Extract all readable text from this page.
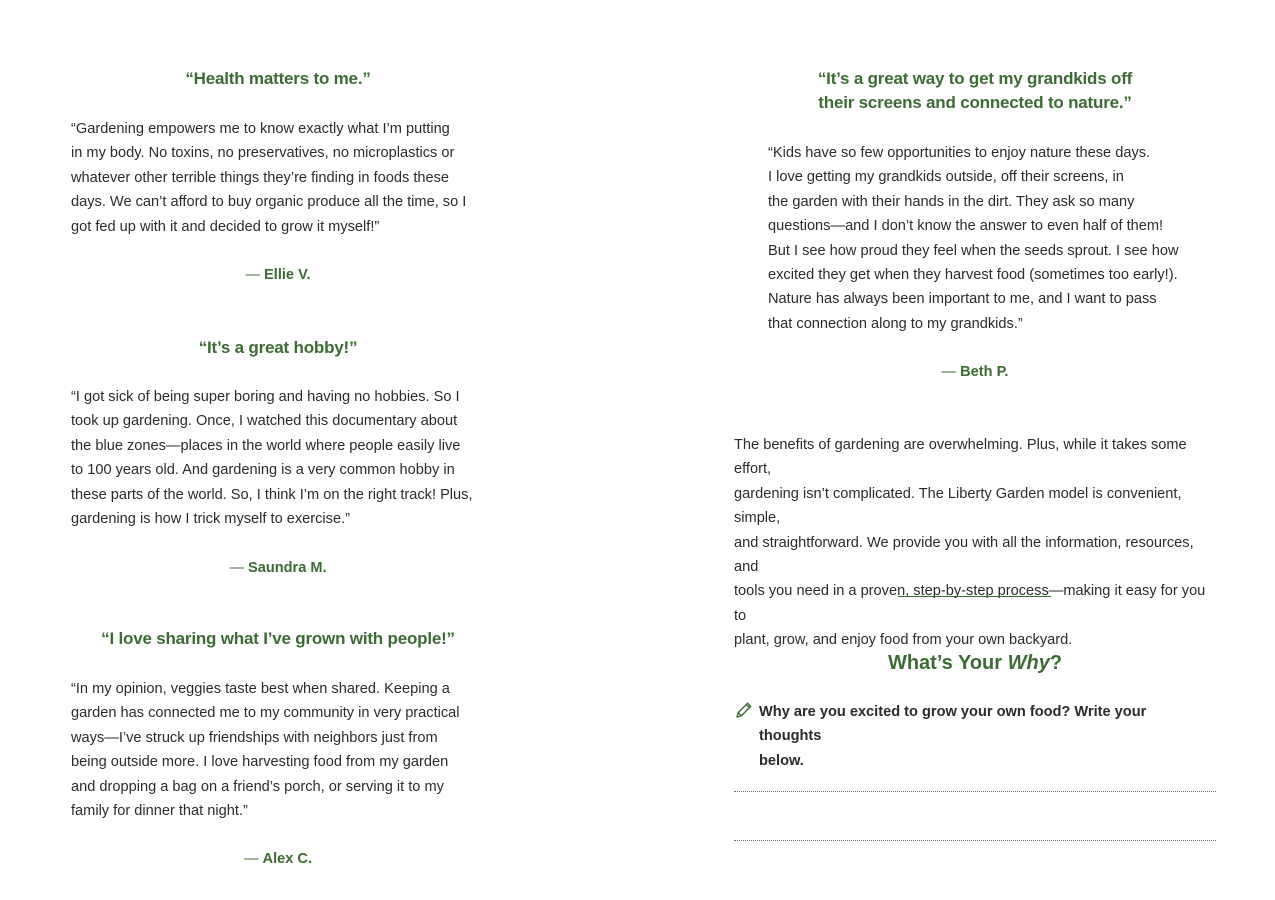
“Health matters to me.”

“Gardening empowers me to know exactly what I’m putting
in my body. No toxins, no preservatives, no microplastics or
whatever other terrible things they’re finding in foods these
days. We can’t afford to buy organic produce all the time, so I
got fed up with it and decided to grow it myself!”

— Ellie V.
“It’s a great hobby!”

“I got sick of being super boring and having no hobbies. So I
took up gardening. Once, I watched this documentary about
the blue zones—places in the world where people easily live
to 100 years old. And gardening is a very common hobby in
these parts of the world. So, I think I’m on the right track! Plus,
gardening is how I trick myself to exercise.”

— Saundra M.
“I love sharing what I’ve grown with people!”

“In my opinion, veggies taste best when shared. Keeping a
garden has connected me to my community in very practical
ways—I’ve struck up friendships with neighbors just from
being outside more. I love harvesting food from my garden
and dropping a bag on a friend’s porch, or serving it to my
family for dinner that night.”

— Alex C.
“It’s a great way to get my grandkids off
their screens and connected to nature.”

“Kids have so few opportunities to enjoy nature these days.
I love getting my grandkids outside, off their screens, in
the garden with their hands in the dirt. They ask so many
questions—and I don’t know the answer to even half of them!
But I see how proud they feel when the seeds sprout. I see how
excited they get when they harvest food (sometimes too early!).
Nature has always been important to me, and I want to pass
that connection along to my grandkids.”

— Beth P.

The benefits of gardening are overwhelming. Plus, while it takes some effort,
gardening isn’t complicated. The Liberty Garden model is convenient, simple,
and straightforward. We provide you with all the information, resources, and
tools you need in a proven, step-by-step process—making it easy for you to
plant, grow, and enjoy food from your own backyard.

What’s Your Why?

Why are you excited to grow your own food? Write your thoughts
below.
